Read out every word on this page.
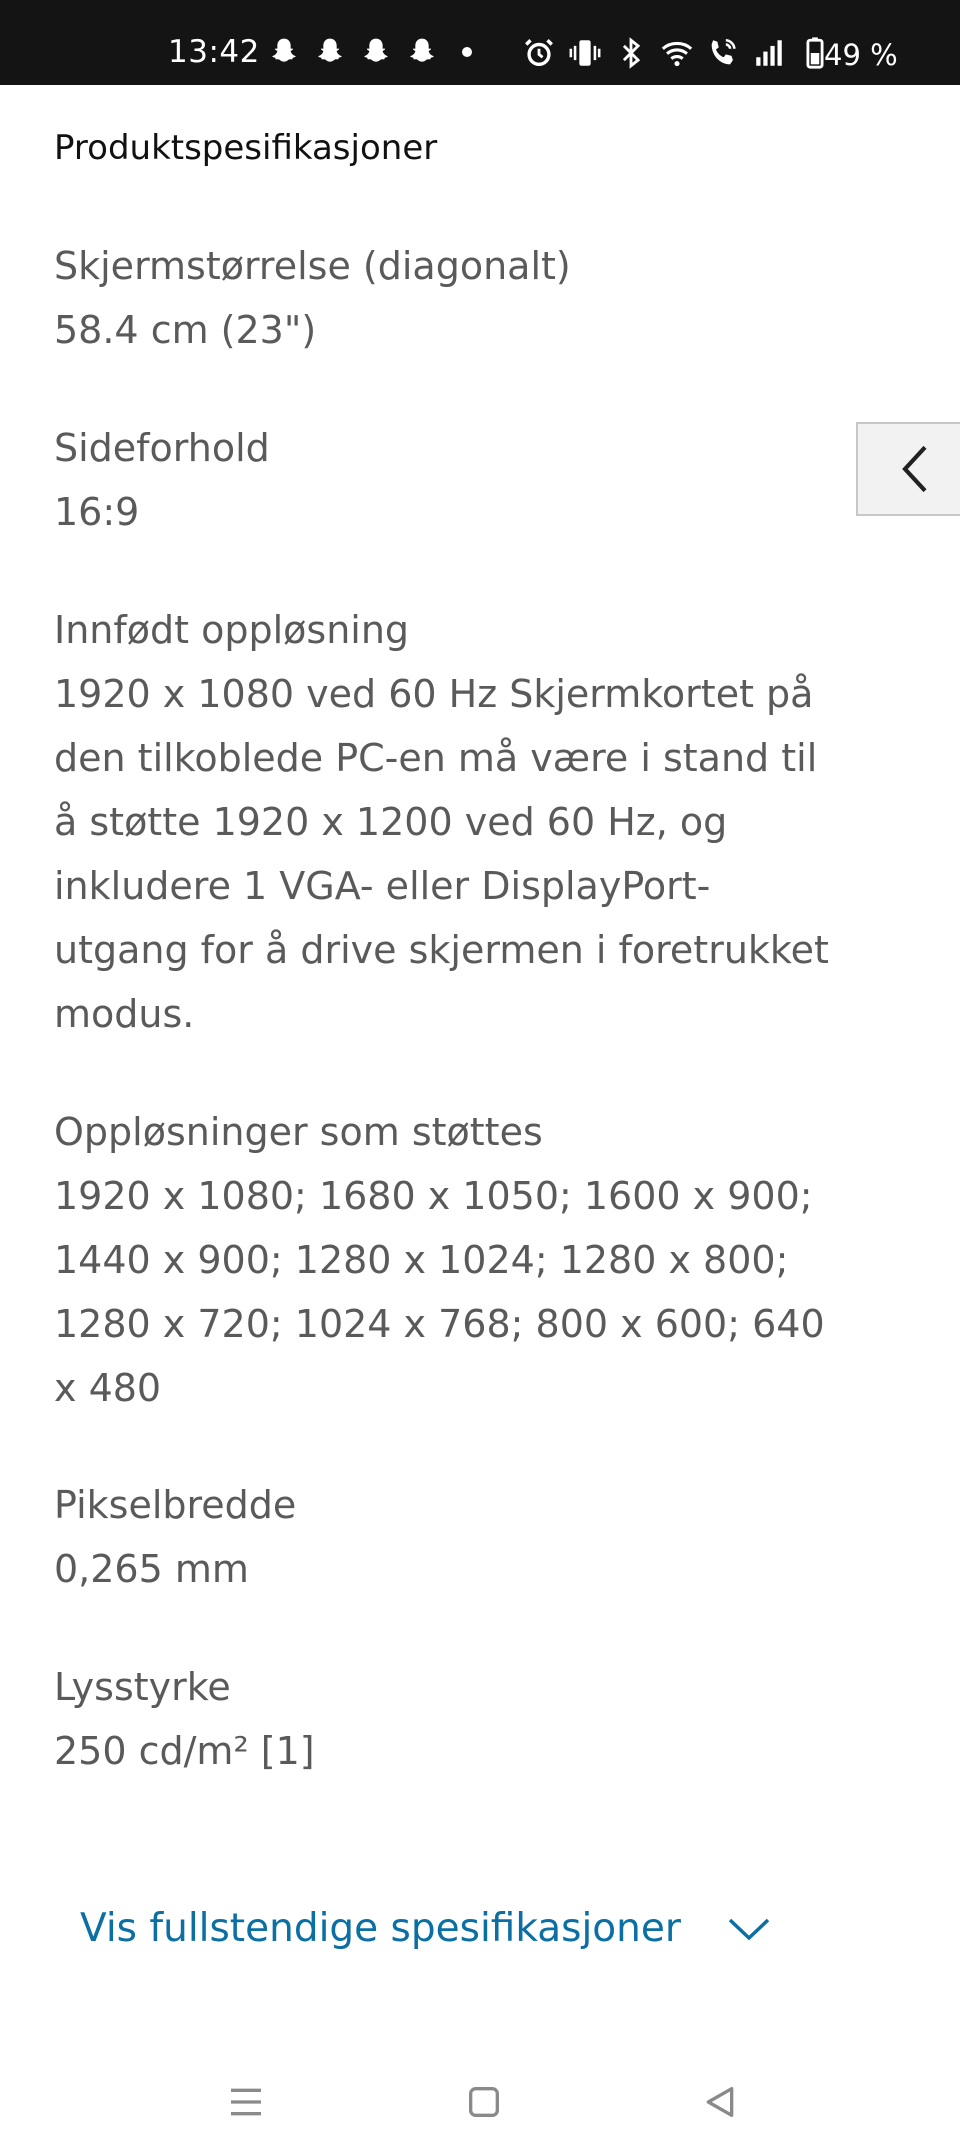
13:42	49 %
Produktspesifikasjoner
Skjermstørrelse (diagonalt)
58.4 cm (23")
Sideforhold
16:9
Innfødt oppløsning
1920 x 1080 ved 60 Hz Skjermkortet på den tilkoblede PC-en må være i stand til å støtte 1920 x 1200 ved 60 Hz, og inkludere 1 VGA- eller DisplayPort-utgang for å drive skjermen i foretrukket modus.
Oppløsninger som støttes
1920 x 1080; 1680 x 1050; 1600 x 900; 1440 x 900; 1280 x 1024; 1280 x 800; 1280 x 720; 1024 x 768; 800 x 600; 640 x 480
Pikselbredde
0,265 mm
Lysstyrke
250 cd/m² [1]
Vis fullstendige spesifikasjoner
